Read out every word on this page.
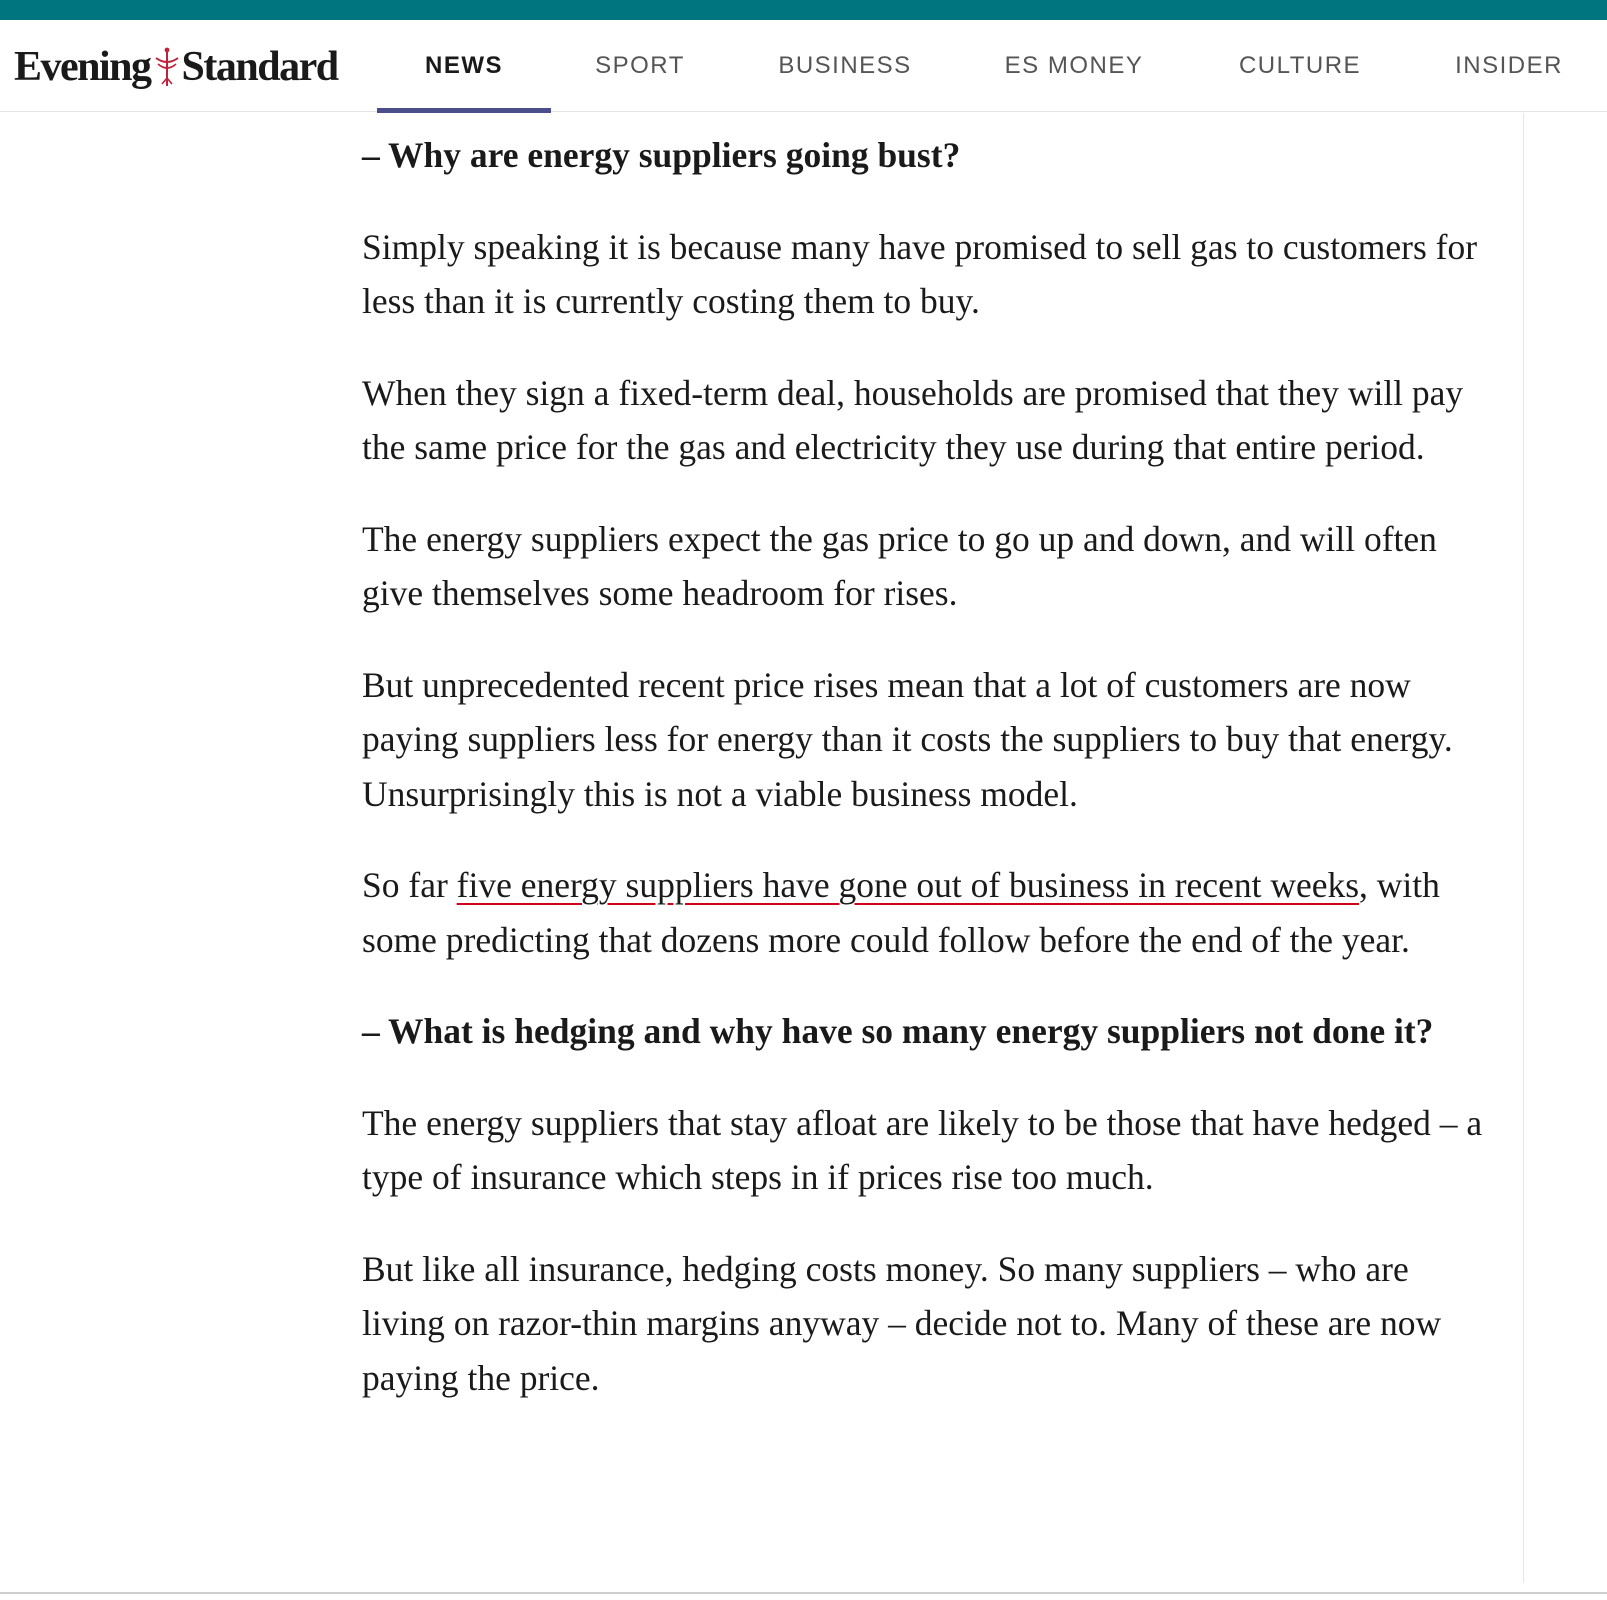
Evening Standard	NEWS	SPORT	BUSINESS	ES MONEY	CULTURE	INSIDER

– Why are energy suppliers going bust?

Simply speaking it is because many have promised to sell gas to customers for less than it is currently costing them to buy.

When they sign a fixed-term deal, households are promised that they will pay the same price for the gas and electricity they use during that entire period.

The energy suppliers expect the gas price to go up and down, and will often give themselves some headroom for rises.

But unprecedented recent price rises mean that a lot of customers are now paying suppliers less for energy than it costs the suppliers to buy that energy. Unsurprisingly this is not a viable business model.

So far five energy suppliers have gone out of business in recent weeks, with some predicting that dozens more could follow before the end of the year.

– What is hedging and why have so many energy suppliers not done it?

The energy suppliers that stay afloat are likely to be those that have hedged – a type of insurance which steps in if prices rise too much.

But like all insurance, hedging costs money. So many suppliers – who are living on razor-thin margins anyway – decide not to. Many of these are now paying the price.
